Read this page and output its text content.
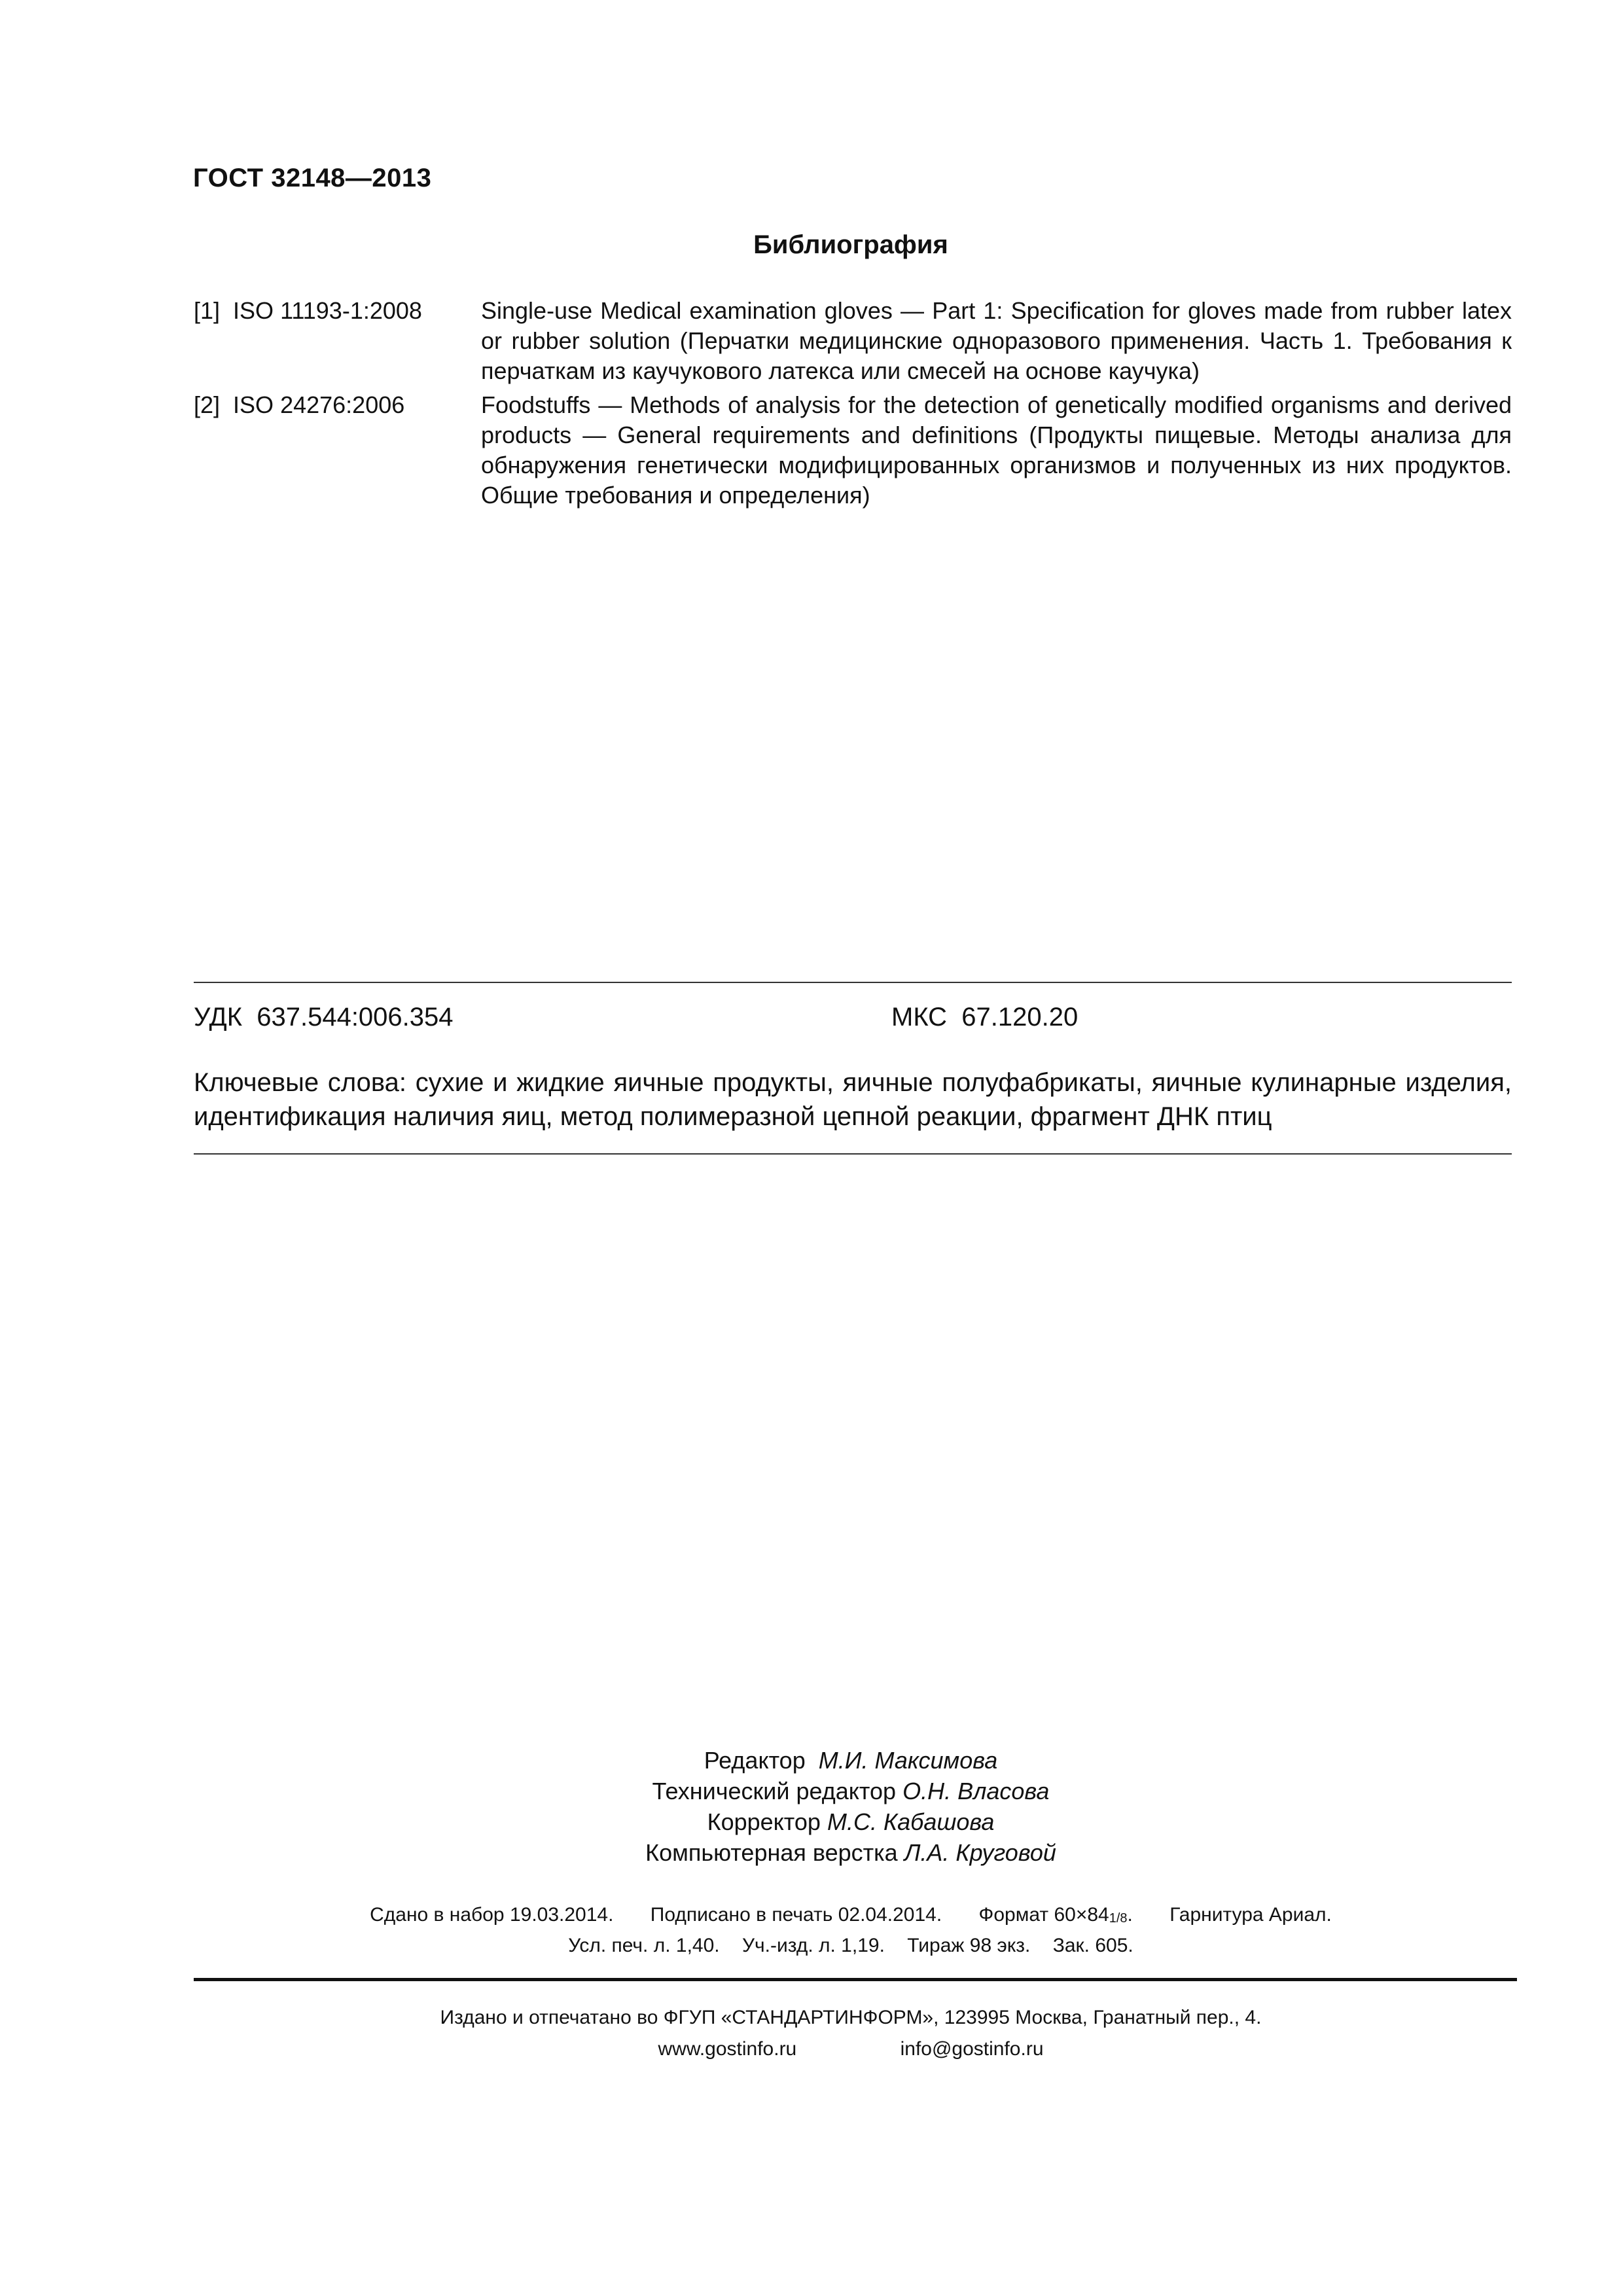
ГОСТ 32148—2013
Библиография
[1] ISO 11193-1:2008	Single-use Medical examination gloves — Part 1: Specification for gloves made from rubber latex or rubber solution (Перчатки медицинские одноразового применения. Часть 1. Требования к перчаткам из каучукового латекса или смесей на основе каучука)
[2] ISO 24276:2006	Foodstuffs — Methods of analysis for the detection of genetically modified organisms and derived products — General requirements and definitions (Продукты пищевые. Методы анализа для обнаружения генетически модифицированных организмов и полученных из них продуктов. Общие требования и определения)
УДК  637.544:006.354	МКС  67.120.20
Ключевые слова: сухие и жидкие яичные продукты, яичные полуфабрикаты, яичные кулинарные изделия, идентификация наличия яиц, метод полимеразной цепной реакции, фрагмент ДНК птиц
Редактор М.И. Максимова
Технический редактор О.Н. Власова
Корректор М.С. Кабашова
Компьютерная верстка Л.А. Круговой
Сдано в набор 19.03.2014. Подписано в печать 02.04.2014. Формат 60×841/8. Гарнитура Ариал.
Усл. печ. л. 1,40. Уч.-изд. л. 1,19. Тираж 98 экз. Зак. 605.
Издано и отпечатано во ФГУП «СТАНДАРТИНФОРМ», 123995 Москва, Гранатный пер., 4.
www.gostinfo.ru	info@gostinfo.ru
